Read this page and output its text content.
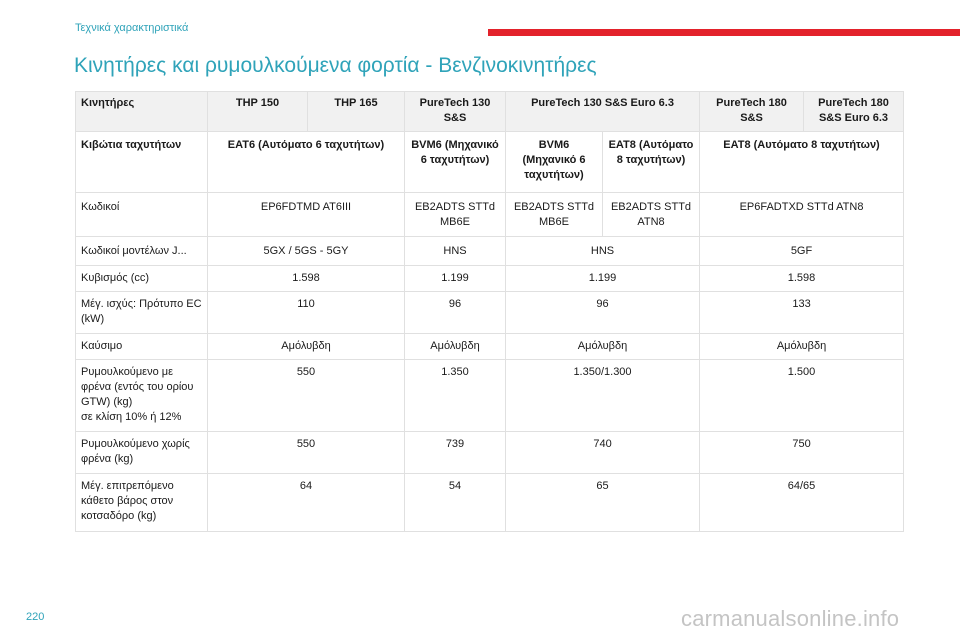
Τεχνικά χαρακτηριστικά
Κινητήρες και ρυμουλκούμενα φορτία - Βενζινοκινητήρες
Κινητήρες	THP 150	THP 165	PureTech 130 S&S	PureTech 130 S&S Euro 6.3		PureTech 180 S&S	PureTech 180 S&S Euro 6.3
Κιβώτια ταχυτήτων	EAT6 (Αυτόματο 6 ταχυτήτων)		BVM6 (Μηχανικό 6 ταχυτήτων)	BVM6 (Μηχανικό 6 ταχυτήτων)	EAT8 (Αυτόματο 8 ταχυτήτων)	EAT8 (Αυτόματο 8 ταχυτήτων)	
Κωδικοί	EP6FDTMD AT6III		EB2ADTS STTd MB6E	EB2ADTS STTd MB6E	EB2ADTS STTd ATN8	EP6FADTXD STTd ATN8	
Κωδικοί μοντέλων J...	5GX / 5GS - 5GY		HNS	HNS		5GF	
Κυβισμός (cc)	1.598		1.199	1.199		1.598	
Μέγ. ισχύς: Πρότυπο EC (kW)	110		96	96		133	
Καύσιμο	Αμόλυβδη		Αμόλυβδη	Αμόλυβδη		Αμόλυβδη	
Ρυμουλκούμενο με
φρένα (εντός του ορίου
GTW) (kg)
σε κλίση 10% ή 12%	550		1.350	1.350/1.300		1.500	
Ρυμουλκούμενο χωρίς φρένα (kg)	550		739	740		750	
Μέγ. επιτρεπόμενο κάθετο βάρος στον κοτσαδόρο (kg)	64		54	65		64/65	
220	carmanualsonline.info
